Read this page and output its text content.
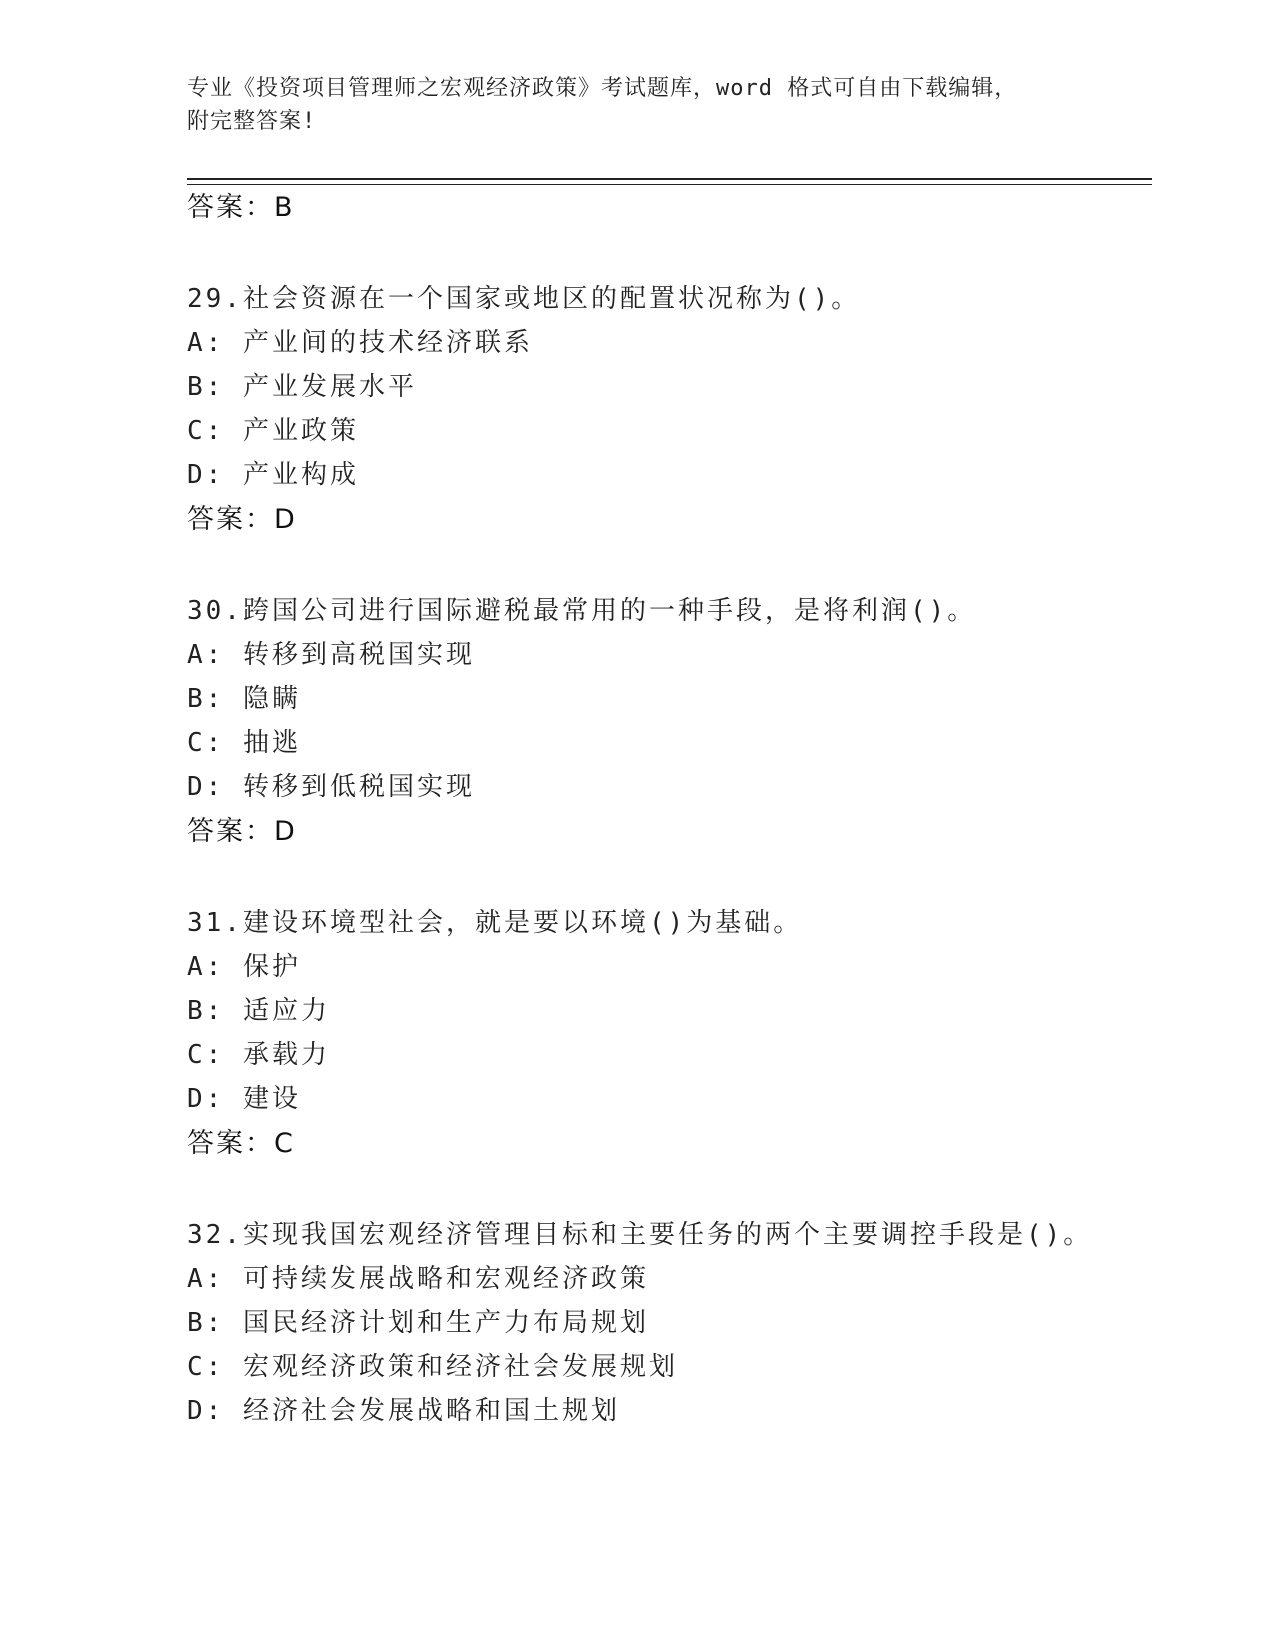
专业《投资项目管理师之宏观经济政策》考试题库，word 格式可自由下载编辑，
附完整答案!
答案：B
29.社会资源在一个国家或地区的配置状况称为()。
A: 产业间的技术经济联系
B: 产业发展水平
C: 产业政策
D: 产业构成
答案：D
30.跨国公司进行国际避税最常用的一种手段，是将利润()。
A: 转移到高税国实现
B: 隐瞒
C: 抽逃
D: 转移到低税国实现
答案：D
31.建设环境型社会，就是要以环境()为基础。
A: 保护
B: 适应力
C: 承载力
D: 建设
答案：C
32.实现我国宏观经济管理目标和主要任务的两个主要调控手段是()。
A: 可持续发展战略和宏观经济政策
B: 国民经济计划和生产力布局规划
C: 宏观经济政策和经济社会发展规划
D: 经济社会发展战略和国土规划
